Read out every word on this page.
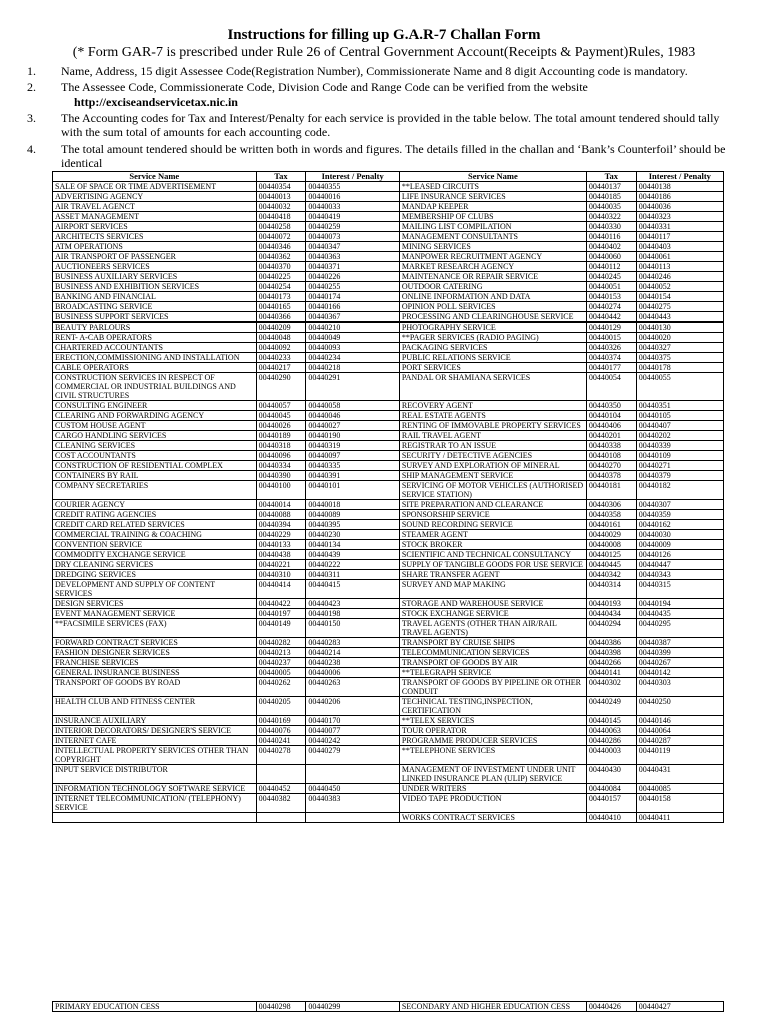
Instructions for filling up G.A.R-7 Challan Form
(* Form GAR-7 is prescribed under Rule 26 of Central Government Account(Receipts & Payment)Rules, 1983
1.	Name, Address, 15 digit Assessee Code(Registration Number), Commissionerate Name and 8 digit Accounting code is mandatory.
2.	The Assessee Code, Commissionerate Code, Division Code and Range Code can be verified from the website
http://exciseandservicetax.nic.in
3.	The Accounting codes for Tax and Interest/Penalty for each service is provided in the table below. The total amount tendered should tally with the sum total of amounts for each accounting code.
4.	The total amount tendered should be written both in words and figures. The details filled in the challan and ‘Bank’s Counterfoil’ should be identical
Service Name	Tax	Interest / Penalty	Service Name	Tax	Interest / Penalty
SALE OF SPACE OR TIME ADVERTISEMENT	00440354	00440355	**LEASED CIRCUITS	00440137	00440138
ADVERTISING AGENCY	00440013	00440016	LIFE INSURANCE SERVICES	00440185	00440186
AIR TRAVEL AGENCT	00440032	00440033	MANDAP KEEPER	00440035	00440036
ASSET MANAGEMENT	00440418	00440419	MEMBERSHIP OF CLUBS	00440322	00440323
AIRPORT SERVICES	00440258	00440259	MAILING LIST COMPILATION	00440330	00440331
ARCHITECTS SERVICES	00440072	00440073	MANAGEMENT CONSULTANTS	00440116	00440117
ATM OPERATIONS	00440346	00440347	MINING SERVICES	00440402	00440403
AIR TRANSPORT OF PASSENGER	00440362	00440363	MANPOWER RECRUITMENT AGENCY	00440060	00440061
AUCTIONEERS SERVICES	00440370	00440371	MARKET RESEARCH AGENCY	00440112	00440113
BUSINESS AUXILIARY SERVICES	00440225	00440226	MAINTENANCE OR REPAIR SERVICE	00440245	00440246
BUSINESS AND EXHIBITION SERVICES	00440254	00440255	OUTDOOR CATERING	00440051	00440052
BANKING AND FINANCIAL	00440173	00440174	ONLINE INFORMATION AND DATA	00440153	00440154
BROADCASTING SERVICE	00440165	00440166	OPINION POLL SERVICES	00440274	00440275
BUSINESS SUPPORT SERVICES	00440366	00440367	PROCESSING AND CLEARINGHOUSE SERVICE	00440442	00440443

BEAUTY PARLOURS	00440209	00440210	PHOTOGRAPHY SERVICE	00440129	00440130
RENT- A-CAB OPERATORS	00440048	00440049	**PAGER SERVICES (RADIO PAGING)	00440015	00440020
CHARTERED ACCOUNTANTS	00440092	00440093	PACKAGING SERVICES	00440326	00440327
ERECTION,COMMISSIONING AND INSTALLATION	00440233	00440234	PUBLIC RELATIONS SERVICE	00440374	00440375
CABLE OPERATORS	00440217	00440218	PORT SERVICES	00440177	00440178
CONSTRUCTION SERVICES IN RESPECT OF COMMERCIAL OR INDUSTRIAL BUILDINGS AND CIVIL STRUCTURES	00440290	00440291	PANDAL OR SHAMIANA SERVICES	00440054	00440055
CONSULTING ENGINEER	00440057	00440058	RECOVERY AGENT	00440350	00440351
CLEARING AND FORWARDING AGENCY	00440045	00440046	REAL ESTATE AGENTS	00440104	00440105
CUSTOM HOUSE AGENT	00440026	00440027	RENTING OF IMMOVABLE PROPERTY SERVICES	00440406	00440407
CARGO HANDLING SERVICES	00440189	00440190	RAIL TRAVEL AGENT	00440201	00440202
CLEANING SERVICES	00440318	00440319	REGISTRAR TO AN ISSUE	00440338	00440339
COST ACCOUNTANTS	00440096	00440097	SECURITY / DETECTIVE AGENCIES	00440108	00440109
CONSTRUCTION OF RESIDENTIAL COMPLEX	00440334	00440335	SURVEY AND EXPLORATION OF MINERAL	00440270	00440271
CONTAINERS BY RAIL	00440390	00440391	SHIP MANAGEMENT SERVICE	00440378	00440379
COMPANY SECRETARIES	00440100	00440101	SERVICING OF MOTOR VEHICLES (AUTHORISED SERVICE STATION)	00440181	00440182
COURIER AGENCY	00440014	00440018	SITE PREPARATION AND CLEARANCE	00440306	00440307
CREDIT RATING AGENCIES	00440088	00440089	SPONSORSHIP SERVICE	00440358	00440359
CREDIT CARD RELATED SERVICES	00440394	00440395	SOUND RECORDING SERVICE	00440161	00440162
COMMERCIAL TRAINING & COACHING	00440229	00440230	STEAMER AGENT	00440029	00440030
CONVENTION SERVICE	00440133	00440134	STOCK BROKER	00440008	00440009
COMMODITY EXCHANGE SERVICE	00440438	00440439	SCIENTIFIC AND TECHNICAL CONSULTANCY	00440125	00440126
DRY CLEANING SERVICES	00440221	00440222	SUPPLY OF TANGIBLE GOODS FOR USE SERVICE	00440445	00440447
DREDGING SERVICES	00440310	00440311	SHARE TRANSFER AGENT	00440342	00440343
DEVELOPMENT AND SUPPLY OF CONTENT SERVICES	00440414	00440415	SURVEY AND MAP MAKING	00440314	00440315
DESIGN SERVICES	00440422	00440423	STORAGE AND WAREHOUSE SERVICE	00440193	00440194
EVENT MANAGEMENT SERVICE	00440197	00440198	STOCK EXCHANGE SERVICE	00440434	00440435
**FACSIMILE SERVICES (FAX)	00440149	00440150	TRAVEL AGENTS (OTHER THAN AIR/RAIL TRAVEL AGENTS)	00440294	00440295
FORWARD CONTRACT SERVICES	00440282	00440283	TRANSPORT BY CRUISE SHIPS	00440386	00440387
FASHION DESIGNER SERVICES	00440213	00440214	TELECOMMUNICATION SERVICES	00440398	00440399
FRANCHISE SERVICES	00440237	00440238	TRANSPORT OF GOODS BY AIR	00440266	00440267
GENERAL INSURANCE BUSINESS	00440005	00440006	**TELEGRAPH SERVICE	00440141	00440142
TRANSPORT OF GOODS BY ROAD	00440262	00440263	TRANSPORT OF GOODS BY PIPELINE OR OTHER CONDUIT	00440302	00440303
HEALTH CLUB AND FITNESS CENTER	00440205	00440206	TECHNICAL TESTING,INSPECTION, CERTIFICATION	00440249	00440250
INSURANCE AUXILIARY	00440169	00440170	**TELEX SERVICES	00440145	00440146
INTERIOR DECORATORS/ DESIGNER'S SERVICE	00440076	00440077	TOUR OPERATOR	00440063	00440064
INTERNET CAFE	00440241	00440242	PROGRAMME PRODUCER SERVICES	00440286	00440287
INTELLECTUAL PROPERTY SERVICES OTHER THAN COPYRIGHT	00440278	00440279	**TELEPHONE SERVICES	00440003	00440119
INPUT SERVICE DISTRIBUTOR			MANAGEMENT OF INVESTMENT UNDER UNIT LINKED INSURANCE PLAN (ULIP) SERVICE	00440430	00440431
INFORMATION TECHNOLOGY SOFTWARE SERVICE	00440452	00440450	UNDER WRITERS	00440084	00440085
INTERNET TELECOMMUNICATION/ (TELEPHONY) SERVICE	00440382	00440383	VIDEO TAPE PRODUCTION	00440157	00440158
			WORKS CONTRACT SERVICES	00440410	00440411
PRIMARY EDUCATION CESS	00440298	00440299	SECONDARY AND HIGHER EDUCATION CESS	00440426	00440427
